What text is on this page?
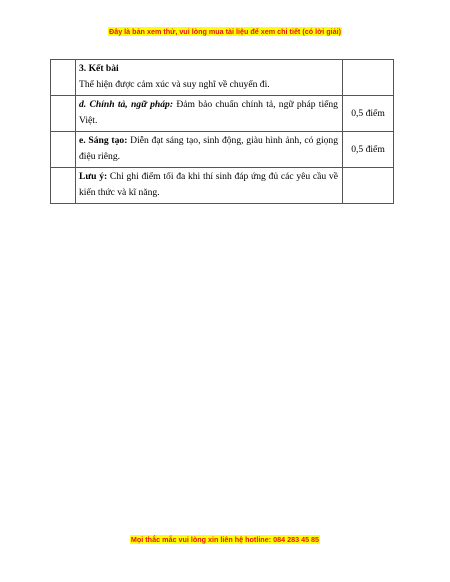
Đây là bản xem thử, vui lòng mua tài liệu để xem chi tiết (có lời giải)

	3. Kết bài
Thể hiện được cảm xúc và suy nghĩ về chuyến đi.	

	d. Chính tả, ngữ pháp: Đảm bảo chuẩn chính tả, ngữ pháp tiếng Việt.	0,5 điểm
	e. Sáng tạo: Diễn đạt sáng tạo, sinh động, giàu hình ảnh, có giọng điệu riêng.	0,5 điểm
	Lưu ý: Chỉ ghi điểm tối đa khi thí sinh đáp ứng đủ các yêu cầu về kiến thức và kĩ năng.	
Mọi thắc mắc vui lòng xin liên hệ hotline: 084 283 45 85
